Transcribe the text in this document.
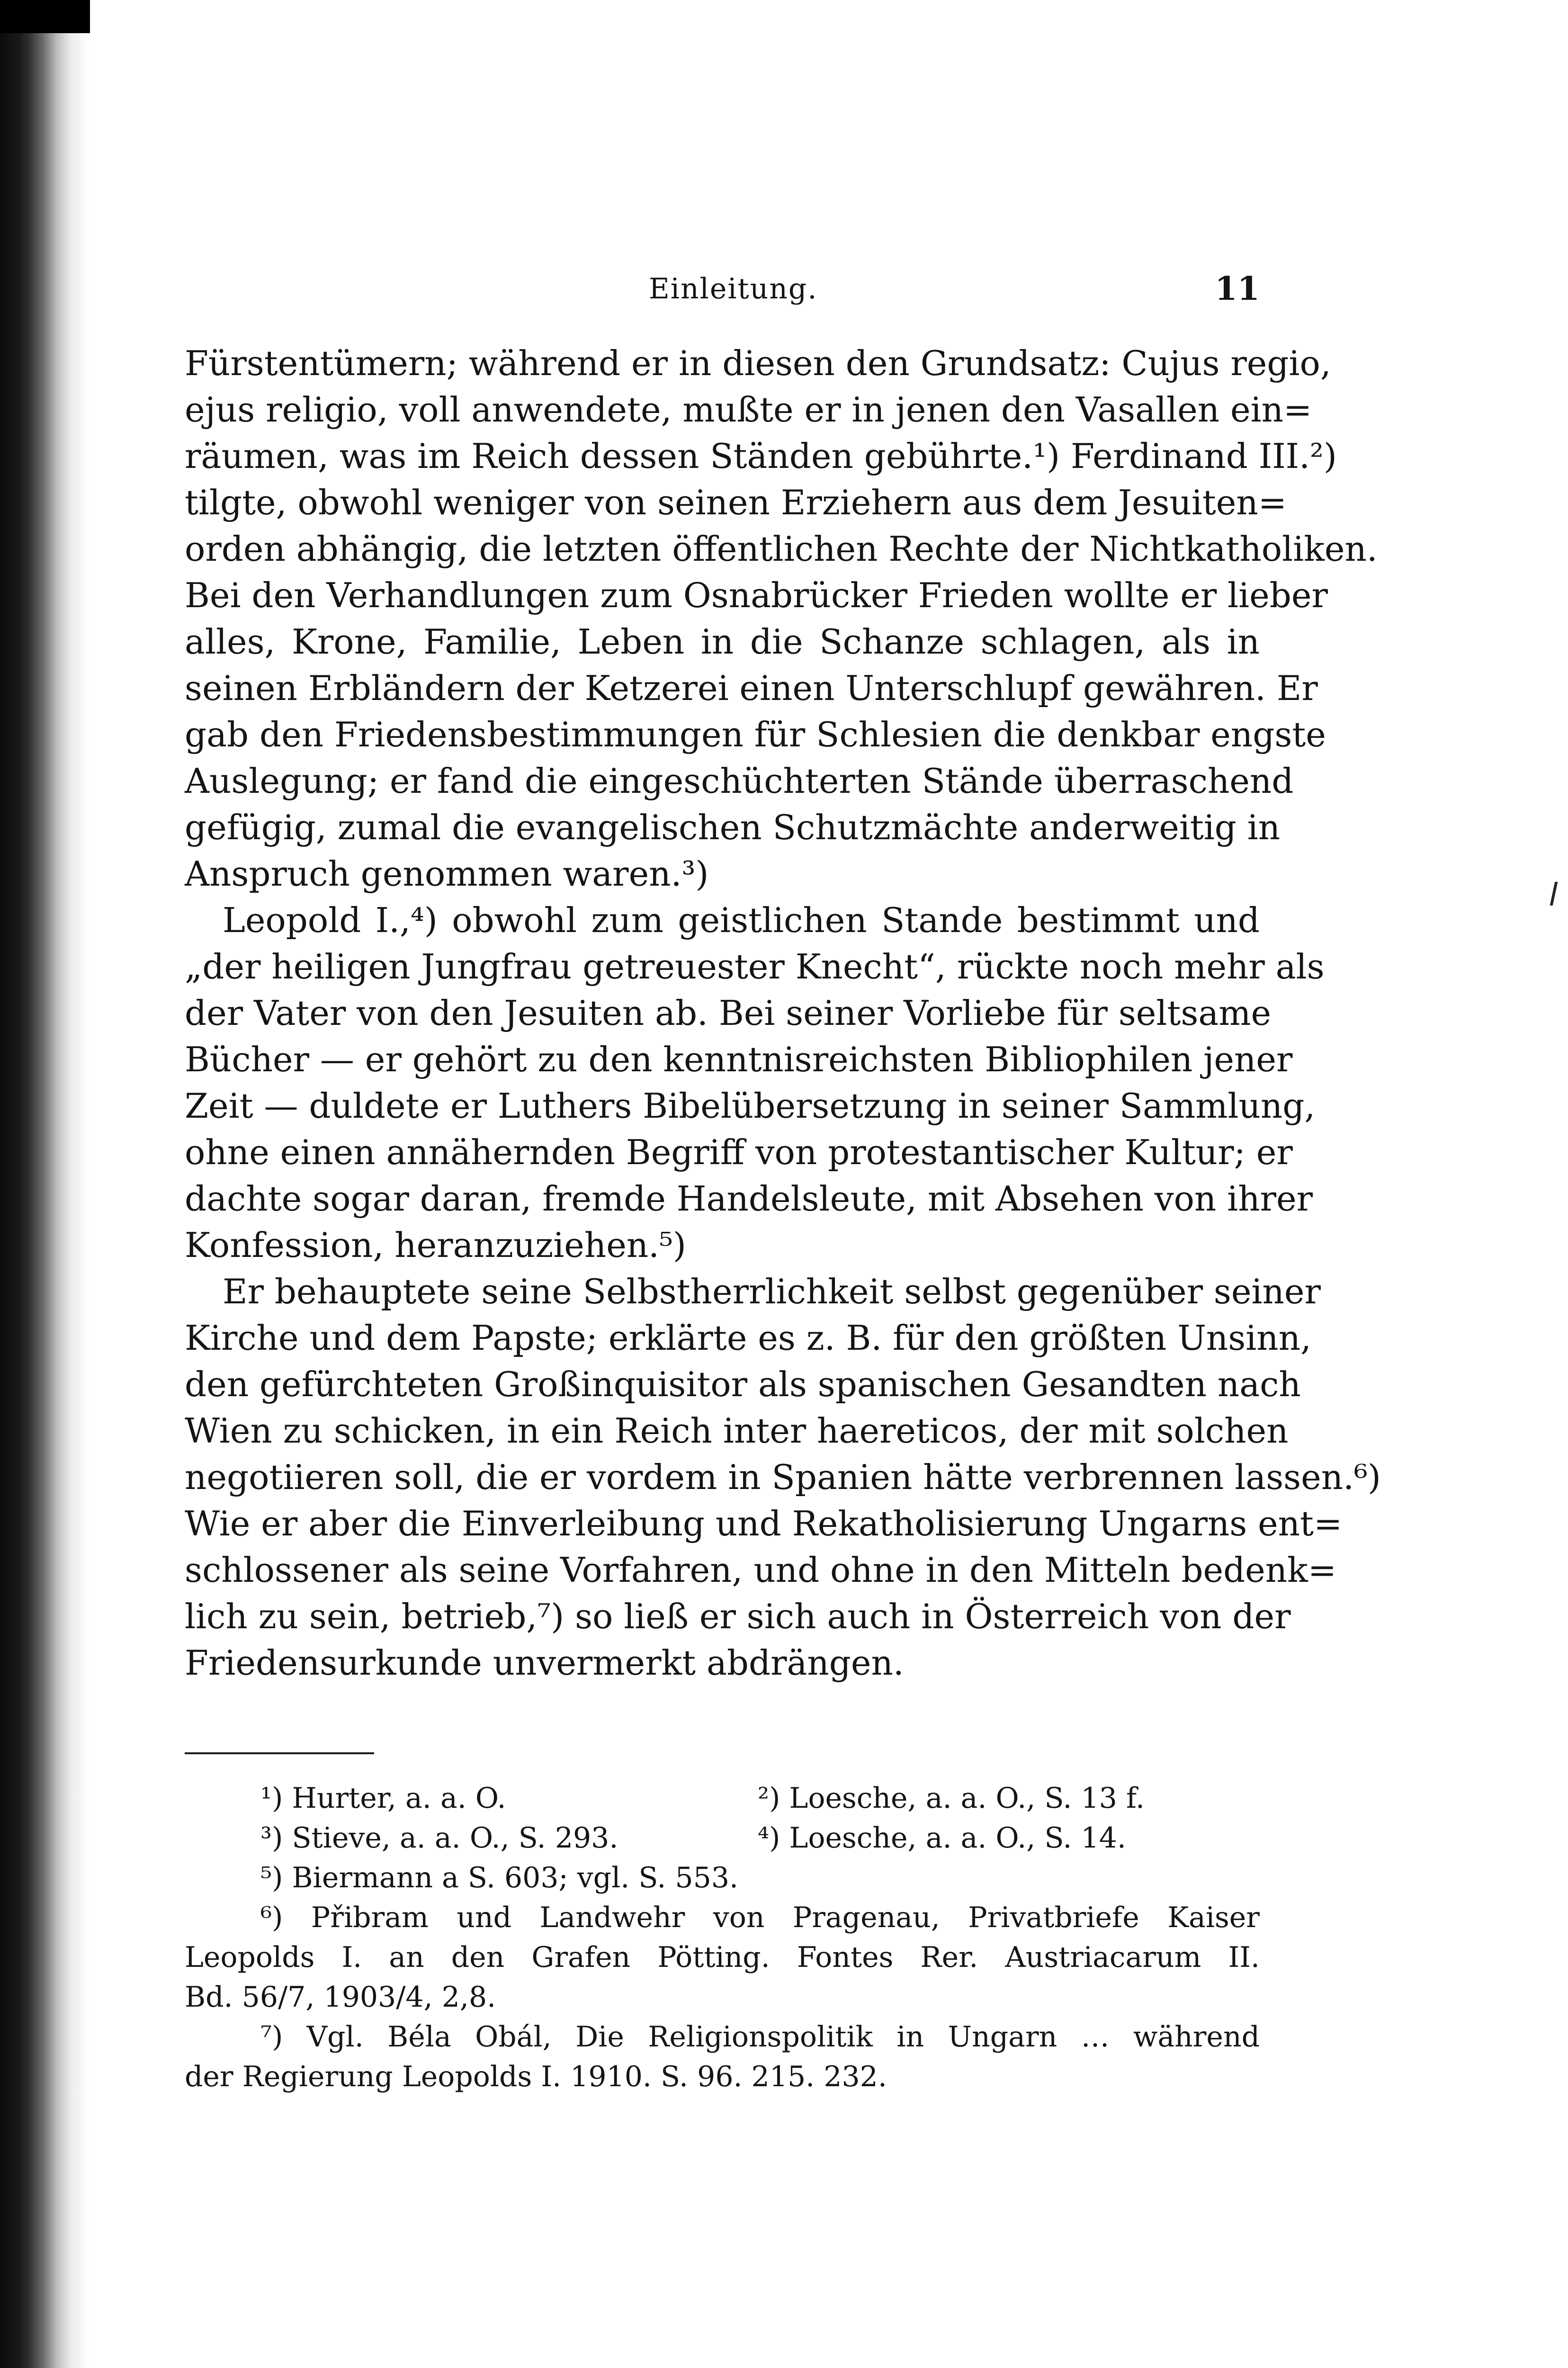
Einleitung.	11
Fürstentümern; während er in diesen den Grundsatz: Cujus regio,
ejus religio, voll anwendete, mußte er in jenen den Vasallen ein=
räumen, was im Reich dessen Ständen gebührte.¹) Ferdinand III.²)
tilgte, obwohl weniger von seinen Erziehern aus dem Jesuiten=
orden abhängig, die letzten öffentlichen Rechte der Nichtkatholiken.
Bei den Verhandlungen zum Osnabrücker Frieden wollte er lieber
alles, Krone, Familie, Leben in die Schanze schlagen, als in
seinen Erbländern der Ketzerei einen Unterschlupf gewähren. Er
gab den Friedensbestimmungen für Schlesien die denkbar engste
Auslegung; er fand die eingeschüchterten Stände überraschend
gefügig, zumal die evangelischen Schutzmächte anderweitig in
Anspruch genommen waren.³)
Leopold I.,⁴) obwohl zum geistlichen Stande bestimmt und
„der heiligen Jungfrau getreuester Knecht“, rückte noch mehr als
der Vater von den Jesuiten ab. Bei seiner Vorliebe für seltsame
Bücher — er gehört zu den kenntnisreichsten Bibliophilen jener
Zeit — duldete er Luthers Bibelübersetzung in seiner Sammlung,
ohne einen annähernden Begriff von protestantischer Kultur; er
dachte sogar daran, fremde Handelsleute, mit Absehen von ihrer
Konfession, heranzuziehen.⁵)
Er behauptete seine Selbstherrlichkeit selbst gegenüber seiner
Kirche und dem Papste; erklärte es z. B. für den größten Unsinn,
den gefürchteten Großinquisitor als spanischen Gesandten nach
Wien zu schicken, in ein Reich inter haereticos, der mit solchen
negotiieren soll, die er vordem in Spanien hätte verbrennen lassen.⁶)
Wie er aber die Einverleibung und Rekatholisierung Ungarns ent=
schlossener als seine Vorfahren, und ohne in den Mitteln bedenk=
lich zu sein, betrieb,⁷) so ließ er sich auch in Österreich von der
Friedensurkunde unvermerkt abdrängen.
¹) Hurter, a. a. O.	²) Loesche, a. a. O., S. 13 f.
³) Stieve, a. a. O., S. 293.	⁴) Loesche, a. a. O., S. 14.
⁵) Biermann a S. 603; vgl. S. 553.
⁶) Přibram und Landwehr von Pragenau, Privatbriefe Kaiser
Leopolds I. an den Grafen Pötting. Fontes Rer. Austriacarum II.
Bd. 56/7, 1903/4, 2,8.
⁷) Vgl. Béla Obál, Die Religionspolitik in Ungarn … während
der Regierung Leopolds I. 1910. S. 96. 215. 232.
